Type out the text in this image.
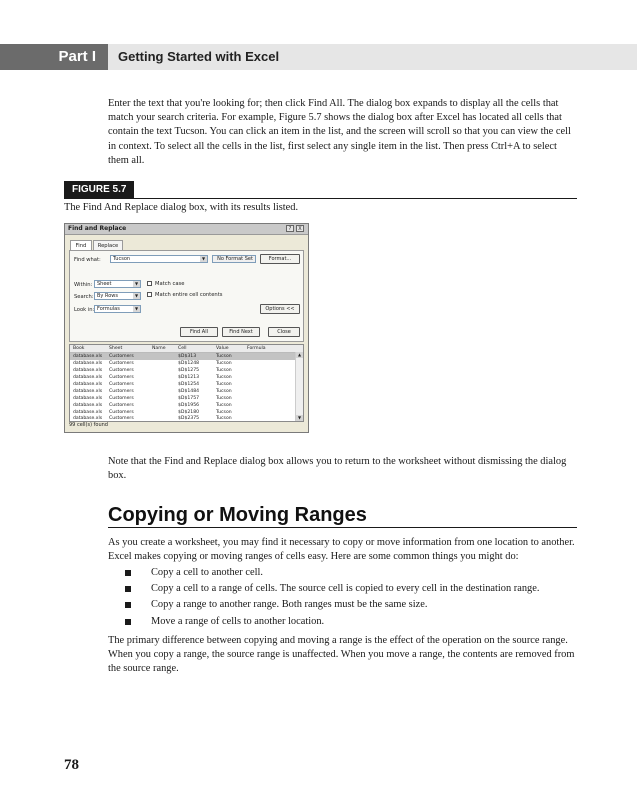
Part I	Getting Started with Excel

Enter the text that you're looking for; then click Find All. The dialog box expands to display all the cells that match your search criteria. For example, Figure 5.7 shows the dialog box after Excel has located all cells that contain the text Tucson. You can click an item in the list, and the screen will scroll so that you can view the cell in context. To select all the cells in the list, first select any single item in the list. Then press Ctrl+A to select them all.

FIGURE 5.7
The Find And Replace dialog box, with its results listed.
Find and Replace	?	X
Find	Replace
Find what:	Tucson	▼	No Format Set	Format...
Within: Sheet	▼	Match case
Search: By Rows	▼	Match entire cell contents
Look in: Formulas	▼	Options <<
Find All	Find Next	Close
Book	Sheet	Name	Cell	Value	Formula
database.xls Customers	$D$313	Tucson
database.xls Customers	$D$1248	Tucson
database.xls Customers	$D$1275	Tucson
database.xls Customers	$D$1213	Tucson
database.xls Customers	$D$1254	Tucson
database.xls Customers	$D$1484	Tucson
database.xls Customers	$D$1757	Tucson
database.xls Customers	$D$1956	Tucson
database.xls Customers	$D$2180	Tucson
database.xls Customers	$D$2375	Tucson
▲
▼
99 cell(s) found

Note that the Find and Replace dialog box allows you to return to the worksheet without dismissing the dialog box.

Copying or Moving Ranges

As you create a worksheet, you may find it necessary to copy or move information from one location to another. Excel makes copying or moving ranges of cells easy. Here are some common things you might do:

Copy a cell to another cell.
Copy a cell to a range of cells. The source cell is copied to every cell in the destination range.
Copy a range to another range. Both ranges must be the same size.
Move a range of cells to another location.

The primary difference between copying and moving a range is the effect of the operation on the source range. When you copy a range, the source range is unaffected. When you move a range, the contents are removed from the source range.

78
